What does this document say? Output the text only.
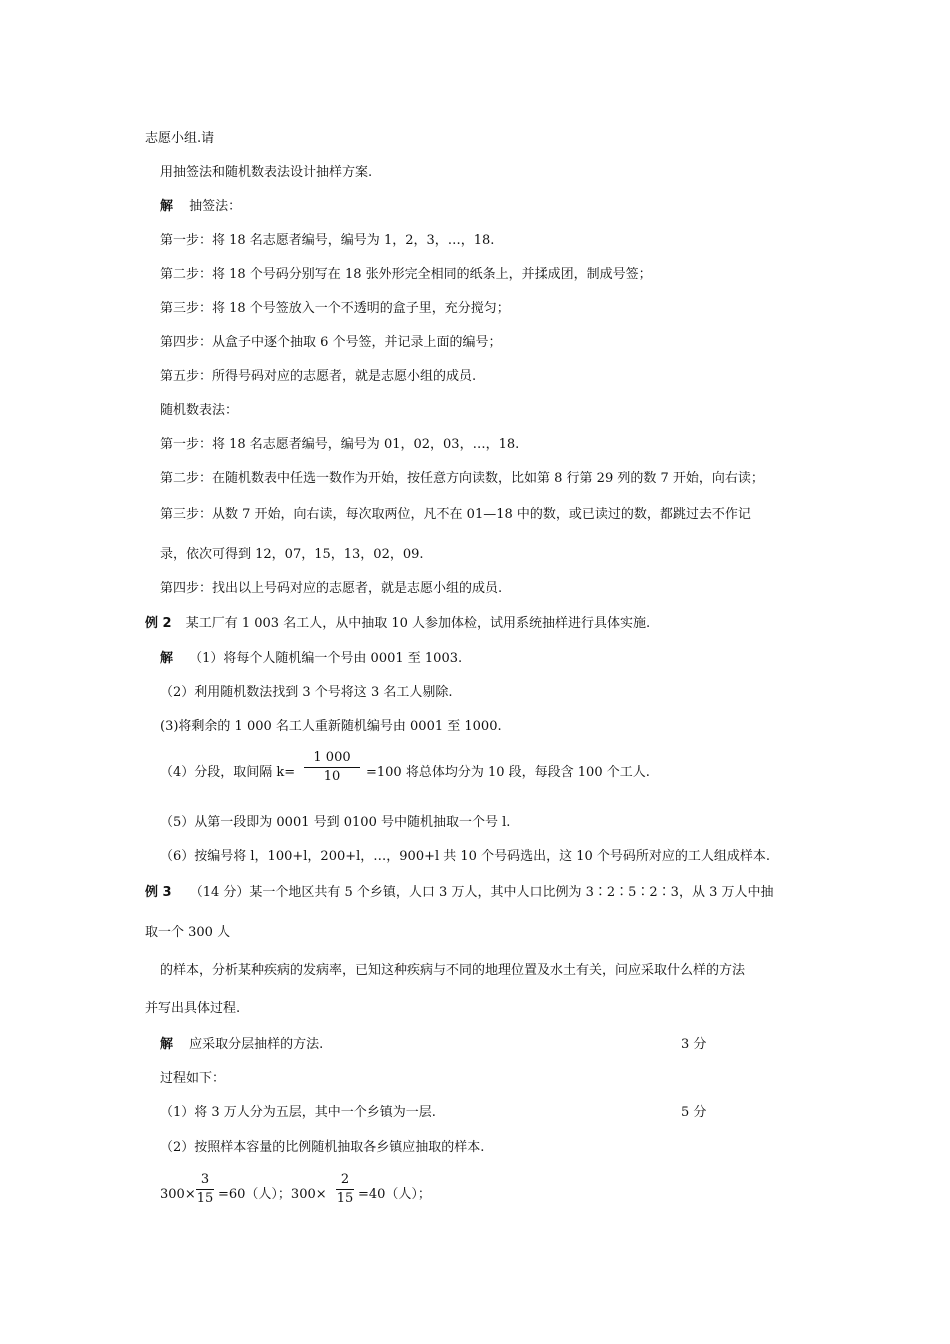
志愿小组.请
用抽签法和随机数表法设计抽样方案.
解 抽签法：
第一步：将 18 名志愿者编号，编号为 1，2，3，…，18.
第二步：将 18 个号码分别写在 18 张外形完全相同的纸条上，并揉成团，制成号签；
第三步：将 18 个号签放入一个不透明的盒子里，充分搅匀；
第四步：从盒子中逐个抽取 6 个号签，并记录上面的编号；
第五步：所得号码对应的志愿者，就是志愿小组的成员.
随机数表法：
第一步：将 18 名志愿者编号，编号为 01，02，03，…，18.
第二步：在随机数表中任选一数作为开始，按任意方向读数，比如第 8 行第 29 列的数 7 开始，向右读；
第三步：从数 7 开始，向右读，每次取两位，凡不在 01—18 中的数，或已读过的数，都跳过去不作记
录，依次可得到 12，07，15，13，02，09.
第四步：找出以上号码对应的志愿者，就是志愿小组的成员.
例 2 某工厂有 1 003 名工人，从中抽取 10 人参加体检，试用系统抽样进行具体实施.
解 （1）将每个人随机编一个号由 0001 至 1003.
（2）利用随机数法找到 3 个号将这 3 名工人剔除.
(3)将剩余的 1 000 名工人重新随机编号由 0001 至 1000.
（4）分段，取间隔 k=
1 000
10	=100 将总体均分为 10 段，每段含 100 个工人.
（5）从第一段即为 0001 号到 0100 号中随机抽取一个号 l.
（6）按编号将 l，100+l，200+l，…，900+l 共 10 个号码选出，这 10 个号码所对应的工人组成样本.
例 3 （14 分）某一个地区共有 5 个乡镇，人口 3 万人，其中人口比例为 3∶2∶5∶2∶3，从 3 万人中抽
取一个 300 人
的样本，分析某种疾病的发病率，已知这种疾病与不同的地理位置及水土有关，问应采取什么样的方法
并写出具体过程.
解 应采取分层抽样的方法.	3 分
过程如下：
（1）将 3 万人分为五层，其中一个乡镇为一层.	5 分
（2）按照样本容量的比例随机抽取各乡镇应抽取的样本.
300×
3
15 =60（人）；300×
2
15 =40（人）；
